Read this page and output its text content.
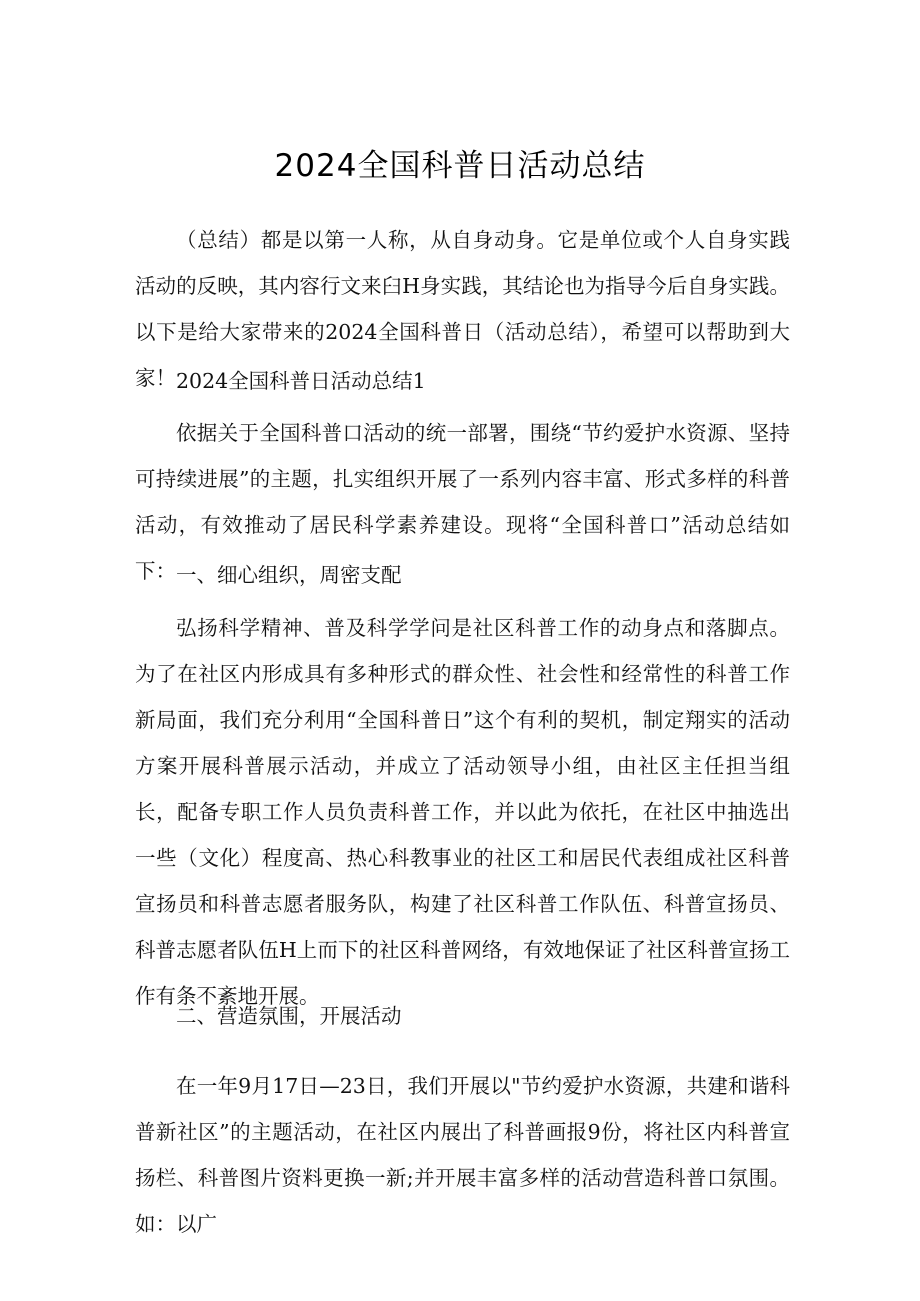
2024全国科普日活动总结

（总结）都是以第一人称，从自身动身。它是单位或个人自身实践活动的反映，其内容行文来臼H身实践，其结论也为指导今后自身实践。以下是给大家带来的2024全国科普日（活动总结），希望可以帮助到大家！ 2024全国科普日活动总结1

依据关于全国科普口活动的统一部署，围绕“节约爱护水资源、坚持可持续进展”的主题，扎实组织开展了一系列内容丰富、形式多样的科普活动，有效推动了居民科学素养建设。现将“全国科普口”活动总结如下： 一、细心组织，周密支配

弘扬科学精神、普及科学学问是社区科普工作的动身点和落脚点。为了在社区内形成具有多种形式的群众性、社会性和经常性的科普工作新局面，我们充分利用“全国科普日”这个有利的契机，制定翔实的活动方案开展科普展示活动，并成立了活动领导小组，由社区主任担当组长，配备专职工作人员负责科普工作，并以此为依托，在社区中抽选出一些（文化）程度高、热心科教事业的社区工和居民代表组成社区科普宣扬员和科普志愿者服务队，构建了社区科普工作队伍、科普宣扬员、科普志愿者队伍H上而下的社区科普网络，有效地保证了社区科普宣扬工作有条不紊地开展。

二、营造氛围，开展活动

在一年9月17日—23日，我们开展以"节约爱护水资源，共建和谐科普新社区”的主题活动，在社区内展出了科普画报9份，将社区内科普宣扬栏、科普图片资料更换一新;并开展丰富多样的活动营造科普口氛围。如：以广
